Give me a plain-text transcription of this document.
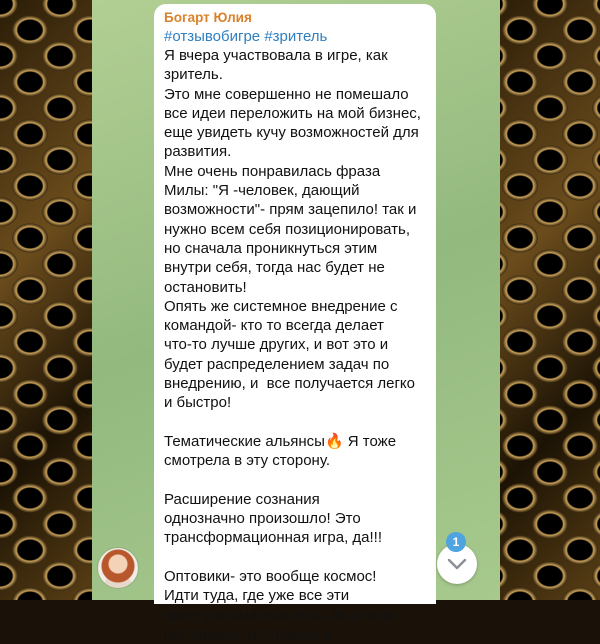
Богарт Юлия
#отзывобигре #зритель

Я вчера участвовала в игре, как
зритель.
Это мне совершенно не помешало
все идеи переложить на мой бизнес,
еще увидеть кучу возможностей для
развития.
Мне очень понравилась фраза
Милы: "Я -человек, дающий
возможности"- прям зацепило! так и
нужно всем себя позиционировать,
но сначала проникнуться этим
внутри себя, тогда нас будет не
остановить!
Опять же системное внедрение с
командой- кто то всегда делает
что-то лучше других, и вот это и
будет распределением задач по
внедрению, и  все получается легко
и быстро!

Тематические альянсы🔥 Я тоже
смотрела в эту сторону.

Расширение сознания
однозначно произошло! Это
трансформационная игра, да!!!

Оптовики- это вообще космос!
Идти туда, где уже все эти
предприниматели есть! Журналы,
рестораны, гостиницы и

1
